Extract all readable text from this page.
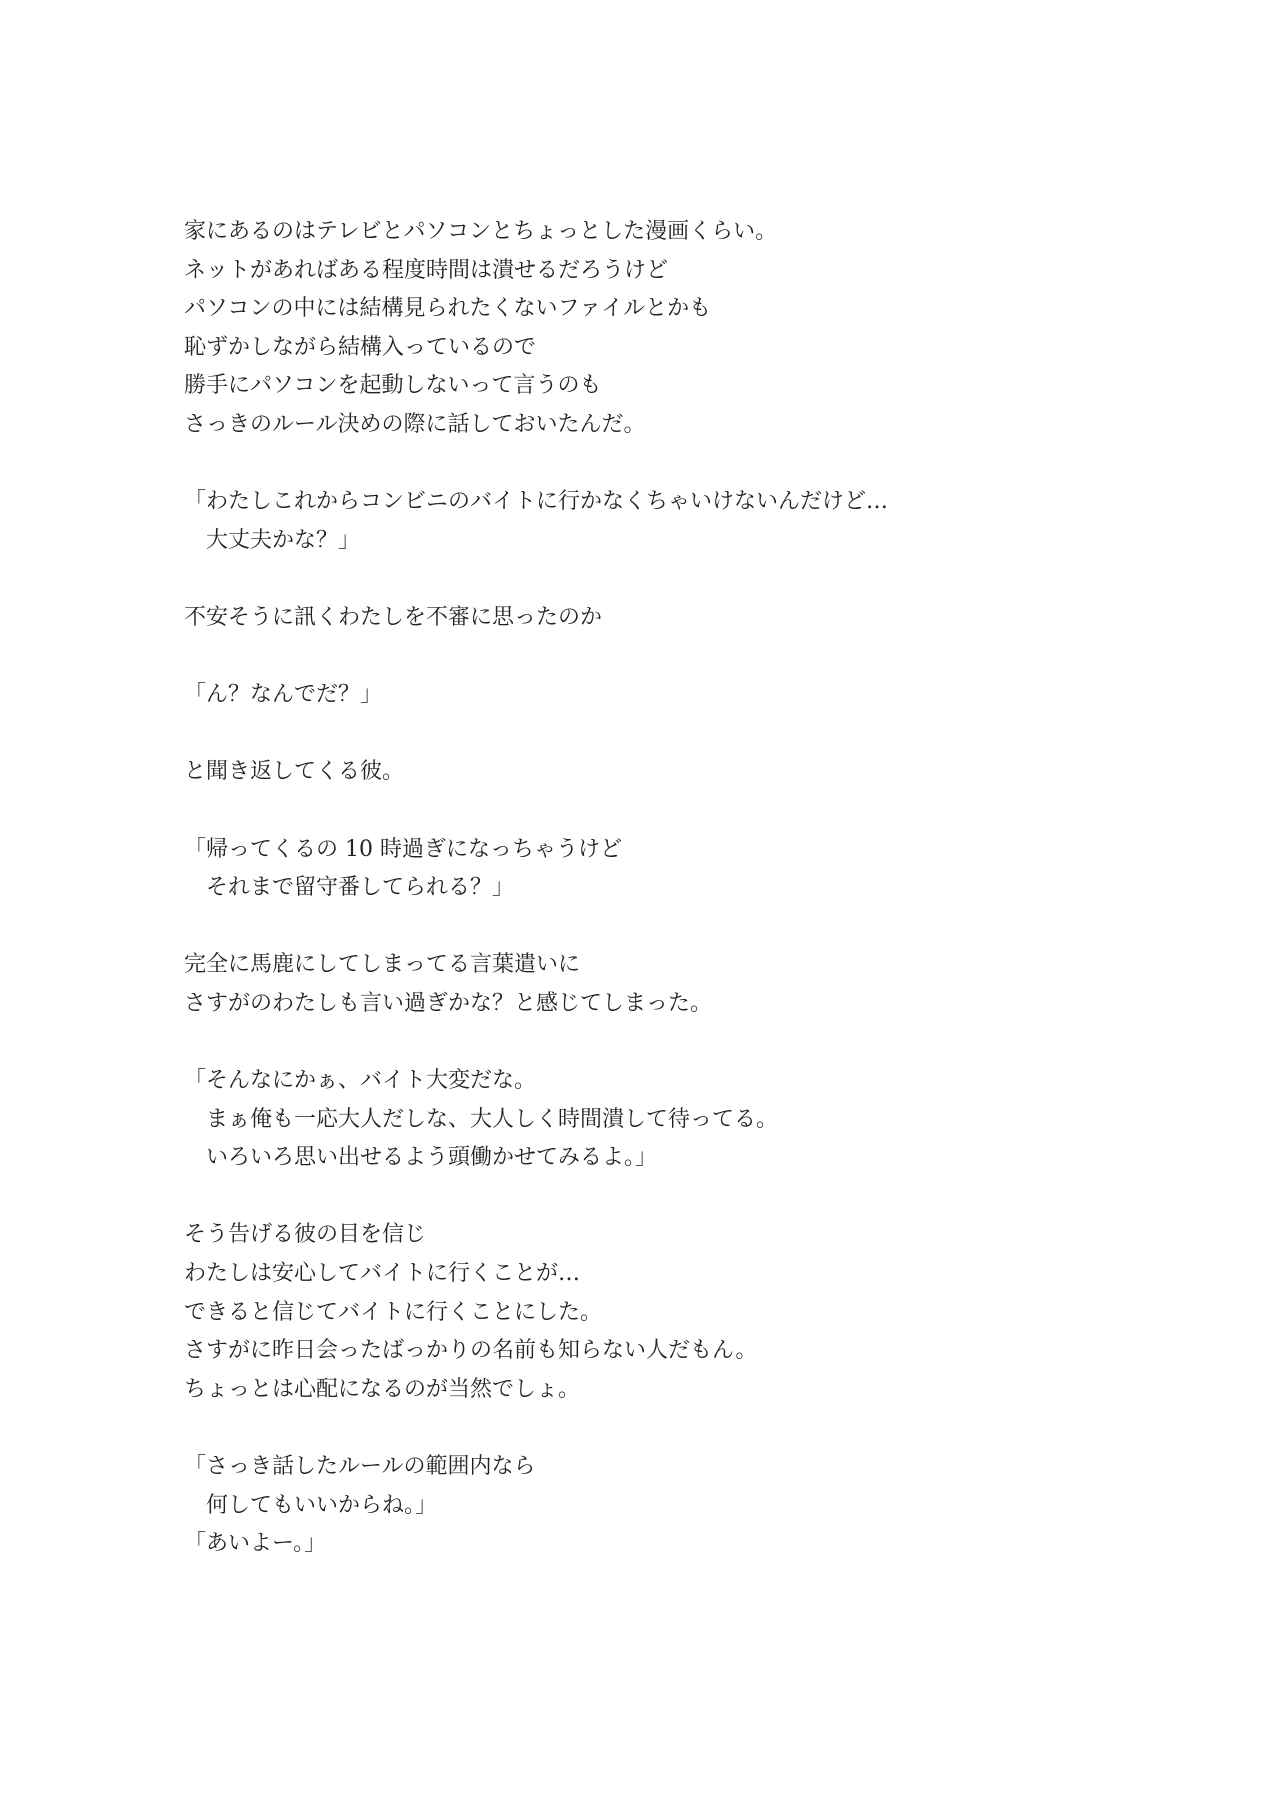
家にあるのはテレビとパソコンとちょっとした漫画くらい。
ネットがあればある程度時間は潰せるだろうけど
パソコンの中には結構見られたくないファイルとかも
恥ずかしながら結構入っているので
勝手にパソコンを起動しないって言うのも
さっきのルール決めの際に話しておいたんだ。
「わたしこれからコンビニのバイトに行かなくちゃいけないんだけど…
　大丈夫かな？」
不安そうに訊くわたしを不審に思ったのか
「ん？なんでだ？」
と聞き返してくる彼。
「帰ってくるの 10 時過ぎになっちゃうけど
　それまで留守番してられる？」
完全に馬鹿にしてしまってる言葉遣いに
さすがのわたしも言い過ぎかな？と感じてしまった。
「そんなにかぁ、バイト大変だな。
　まぁ俺も一応大人だしな、大人しく時間潰して待ってる。
　いろいろ思い出せるよう頭働かせてみるよ。」
そう告げる彼の目を信じ
わたしは安心してバイトに行くことが…
できると信じてバイトに行くことにした。
さすがに昨日会ったばっかりの名前も知らない人だもん。
ちょっとは心配になるのが当然でしょ。
「さっき話したルールの範囲内なら
　何してもいいからね。」
「あいよー。」
